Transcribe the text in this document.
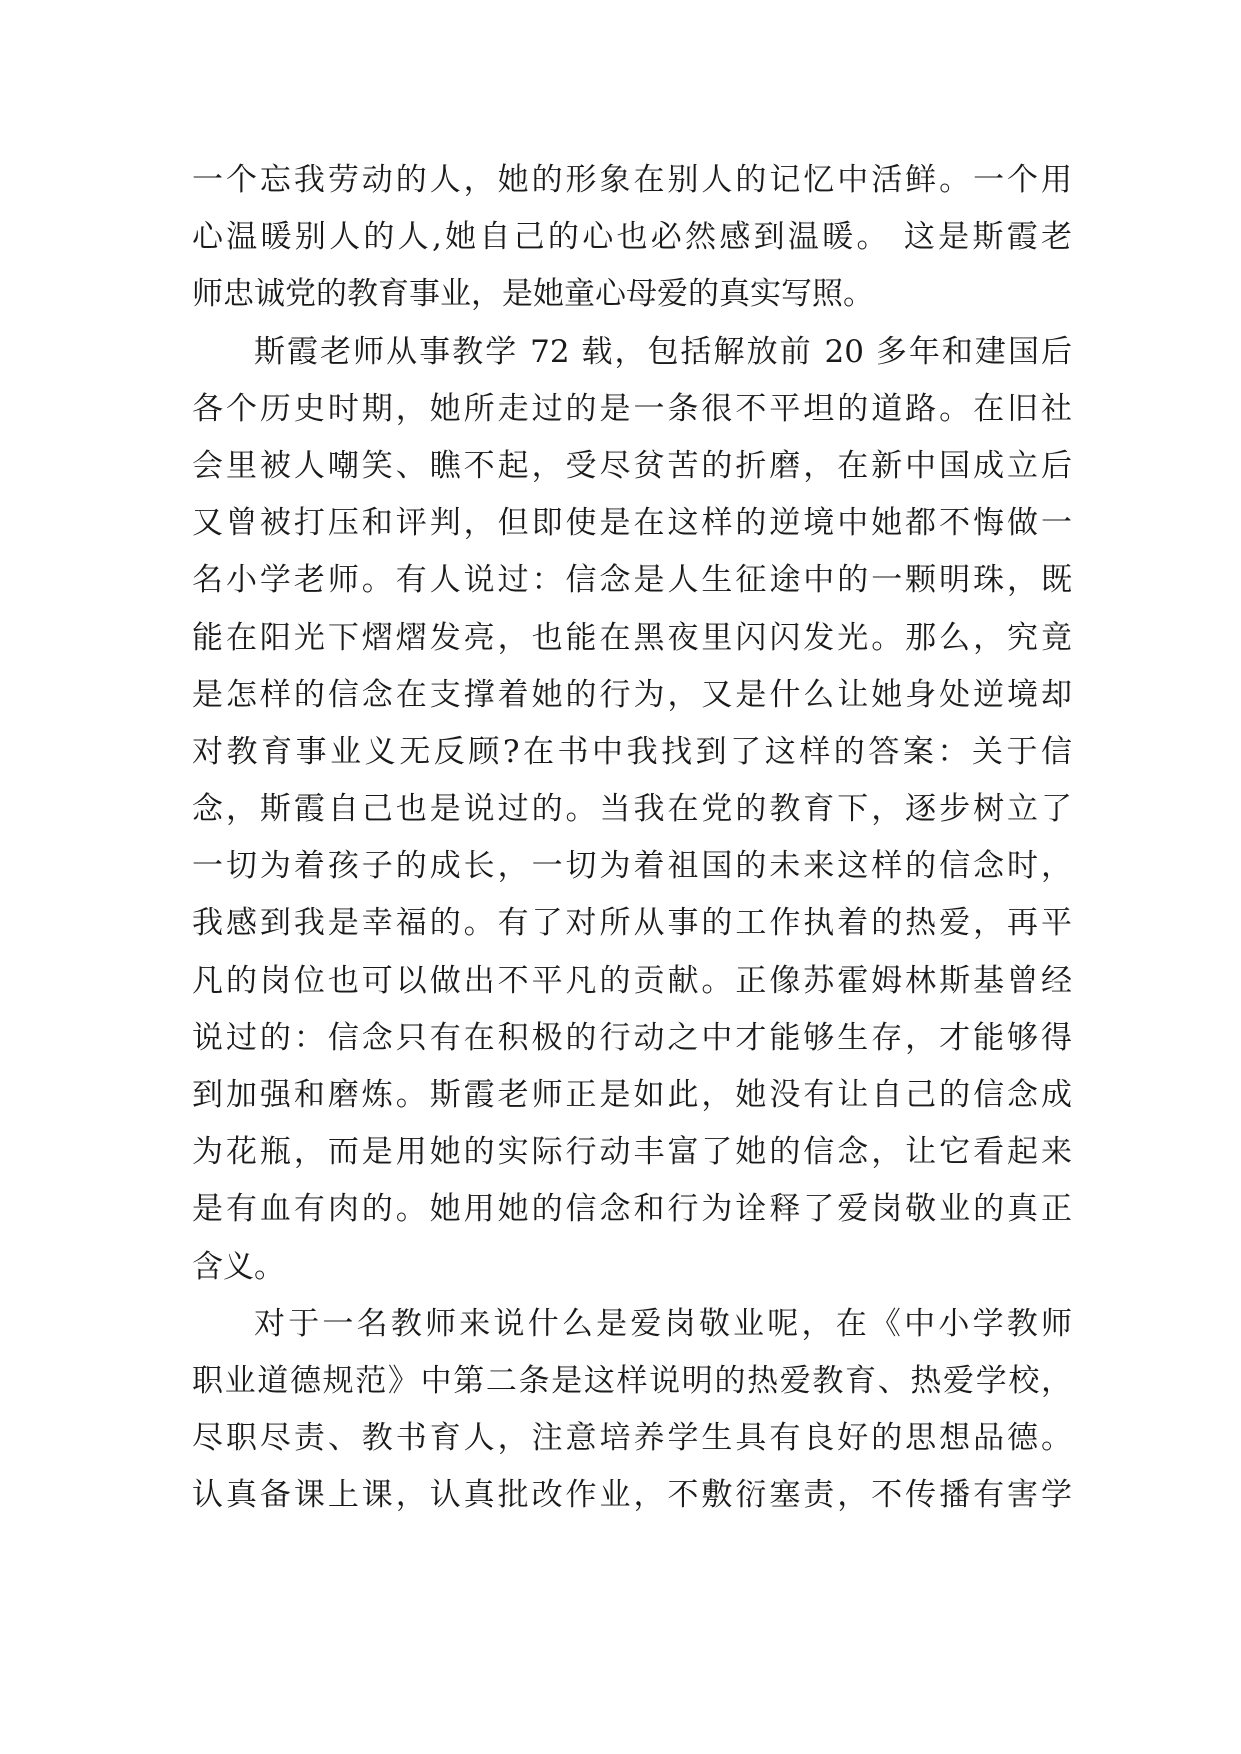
一个忘我劳动的人，她的形象在别人的记忆中活鲜。一个用
心温暖别人的人,她自己的心也必然感到温暖。 这是斯霞老
师忠诚党的教育事业，是她童心母爱的真实写照。
斯霞老师从事教学 72 载，包括解放前 20 多年和建国后
各个历史时期，她所走过的是一条很不平坦的道路。在旧社
会里被人嘲笑、瞧不起，受尽贫苦的折磨，在新中国成立后
又曾被打压和评判，但即使是在这样的逆境中她都不悔做一
名小学老师。有人说过：信念是人生征途中的一颗明珠，既
能在阳光下熠熠发亮，也能在黑夜里闪闪发光。那么，究竟
是怎样的信念在支撑着她的行为，又是什么让她身处逆境却
对教育事业义无反顾?在书中我找到了这样的答案：关于信
念，斯霞自己也是说过的。当我在党的教育下，逐步树立了
一切为着孩子的成长，一切为着祖国的未来这样的信念时，
我感到我是幸福的。有了对所从事的工作执着的热爱，再平
凡的岗位也可以做出不平凡的贡献。正像苏霍姆林斯基曾经
说过的：信念只有在积极的行动之中才能够生存，才能够得
到加强和磨炼。斯霞老师正是如此，她没有让自己的信念成
为花瓶，而是用她的实际行动丰富了她的信念，让它看起来
是有血有肉的。她用她的信念和行为诠释了爱岗敬业的真正
含义。
对于一名教师来说什么是爱岗敬业呢，在《中小学教师
职业道德规范》中第二条是这样说明的热爱教育、热爱学校，
尽职尽责、教书育人，注意培养学生具有良好的思想品德。
认真备课上课，认真批改作业，不敷衍塞责，不传播有害学
